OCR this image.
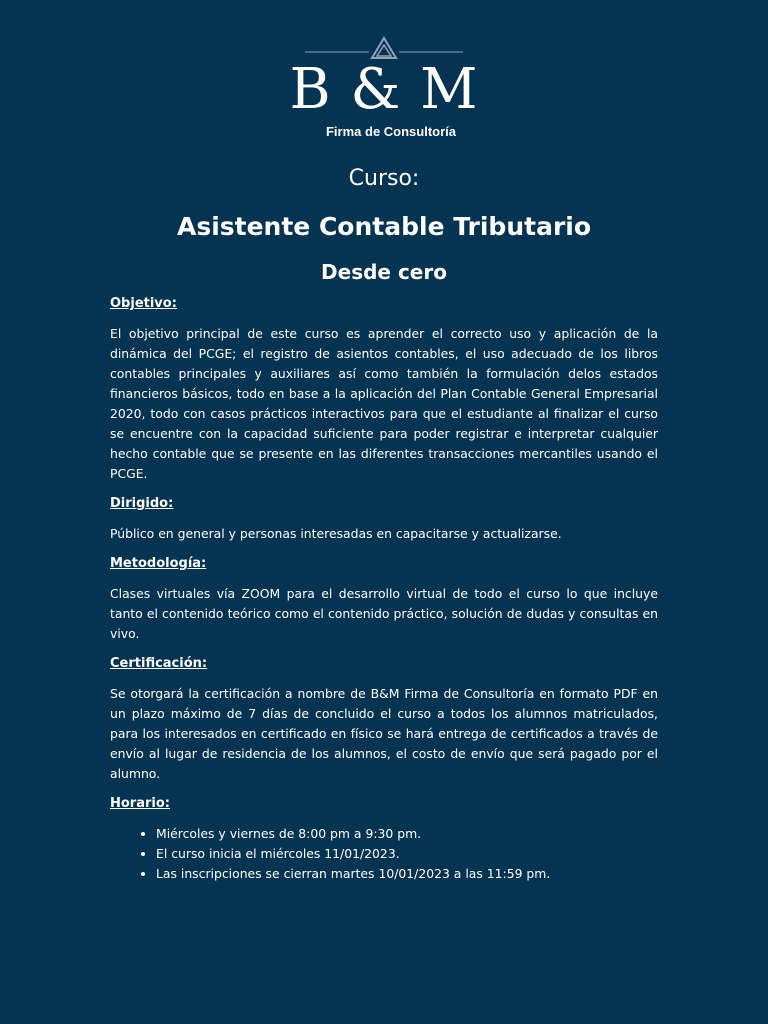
B & M
Firma de Consultoría
Curso:
Asistente Contable Tributario
Desde cero

Objetivo:

El objetivo principal de este curso es aprender el correcto uso y aplicación de la dinámica del PCGE; el registro de asientos contables, el uso adecuado de los libros contables principales y auxiliares así como también la formulación delos estados financieros básicos, todo en base a la aplicación del Plan Contable General Empresarial 2020, todo con casos prácticos interactivos para que el estudiante al finalizar el curso se encuentre con la capacidad suficiente para poder registrar e interpretar cualquier hecho contable que se presente en las diferentes transacciones mercantiles usando el PCGE.

Dirigido:

Público en general y personas interesadas en capacitarse y actualizarse.

Metodología:

Clases virtuales vía ZOOM para el desarrollo virtual de todo el curso lo que incluye tanto el contenido teórico como el contenido práctico, solución de dudas y consultas en vivo.

Certificación:

Se otorgará la certificación a nombre de B&M Firma de Consultoría en formato PDF en un plazo máximo de 7 días de concluido el curso a todos los alumnos matriculados, para los interesados en certificado en físico se hará entrega de certificados a través de envío al lugar de residencia de los alumnos, el costo de envío que será pagado por el alumno.

Horario:

• Miércoles y viernes de 8:00 pm a 9:30 pm.
• El curso inicia el miércoles 11/01/2023.
• Las inscripciones se cierran martes 10/01/2023 a las 11:59 pm.
